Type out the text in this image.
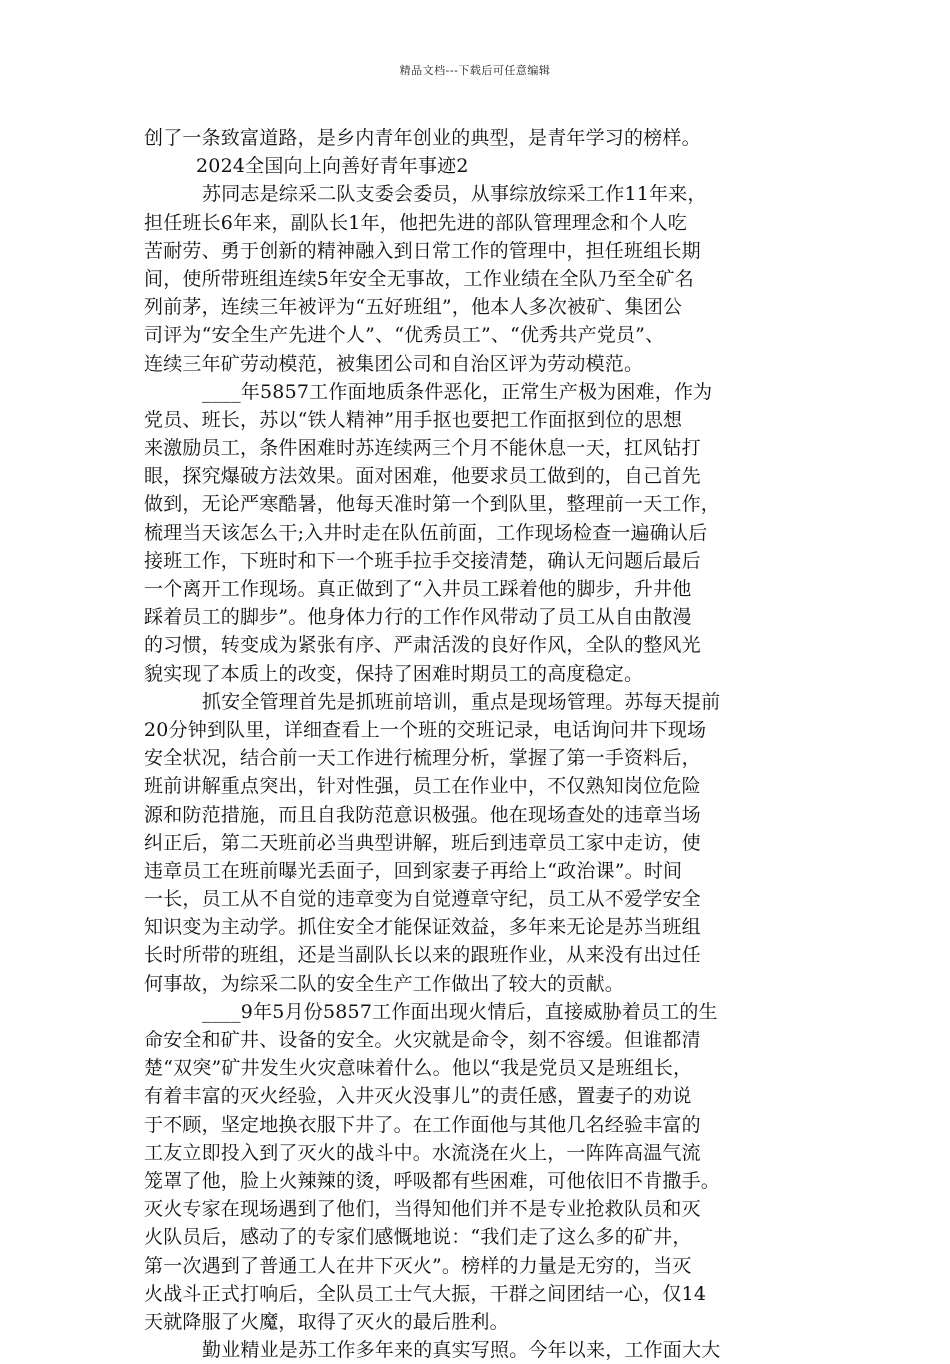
精品文档---下载后可任意编辑
创了一条致富道路，是乡内青年创业的典型，是青年学习的榜样。
2024全国向上向善好青年事迹2
苏同志是综采二队支委会委员，从事综放综采工作11年来，
担任班长6年来，副队长1年，他把先进的部队管理理念和个人吃
苦耐劳、勇于创新的精神融入到日常工作的管理中，担任班组长期
间，使所带班组连续5年安全无事故，工作业绩在全队乃至全矿名
列前茅，连续三年被评为“五好班组”，他本人多次被矿、集团公
司评为“安全生产先进个人”、“优秀员工”、“优秀共产党员”、
连续三年矿劳动模范，被集团公司和自治区评为劳动模范。
____年5857工作面地质条件恶化，正常生产极为困难，作为
党员、班长，苏以“铁人精神”用手抠也要把工作面抠到位的思想
来激励员工，条件困难时苏连续两三个月不能休息一天，扛风钻打
眼，探究爆破方法效果。面对困难，他要求员工做到的，自己首先
做到，无论严寒酷暑，他每天准时第一个到队里，整理前一天工作，
梳理当天该怎么干;入井时走在队伍前面，工作现场检查一遍确认后
接班工作，下班时和下一个班手拉手交接清楚，确认无问题后最后
一个离开工作现场。真正做到了“入井员工踩着他的脚步，升井他
踩着员工的脚步”。他身体力行的工作作风带动了员工从自由散漫
的习惯，转变成为紧张有序、严肃活泼的良好作风，全队的整风光
貌实现了本质上的改变，保持了困难时期员工的高度稳定。
抓安全管理首先是抓班前培训，重点是现场管理。苏每天提前
20分钟到队里，详细查看上一个班的交班记录，电话询问井下现场
安全状况，结合前一天工作进行梳理分析，掌握了第一手资料后，
班前讲解重点突出，针对性强，员工在作业中，不仅熟知岗位危险
源和防范措施，而且自我防范意识极强。他在现场查处的违章当场
纠正后，第二天班前必当典型讲解，班后到违章员工家中走访，使
违章员工在班前曝光丢面子，回到家妻子再给上“政治课”。时间
一长，员工从不自觉的违章变为自觉遵章守纪，员工从不爱学安全
知识变为主动学。抓住安全才能保证效益，多年来无论是苏当班组
长时所带的班组，还是当副队长以来的跟班作业，从来没有出过任
何事故，为综采二队的安全生产工作做出了较大的贡献。
____9年5月份5857工作面出现火情后，直接威胁着员工的生
命安全和矿井、设备的安全。火灾就是命令，刻不容缓。但谁都清
楚“双突”矿井发生火灾意味着什么。他以“我是党员又是班组长，
有着丰富的灭火经验，入井灭火没事儿”的责任感，置妻子的劝说
于不顾，坚定地换衣服下井了。在工作面他与其他几名经验丰富的
工友立即投入到了灭火的战斗中。水流浇在火上，一阵阵高温气流
笼罩了他，脸上火辣辣的烫，呼吸都有些困难，可他依旧不肯撒手。
灭火专家在现场遇到了他们，当得知他们并不是专业抢救队员和灭
火队员后，感动了的专家们感慨地说：“我们走了这么多的矿井，
第一次遇到了普通工人在井下灭火”。榜样的力量是无穷的，当灭
火战斗正式打响后，全队员工士气大振，干群之间团结一心，仅14
天就降服了火魔，取得了灭火的最后胜利。
勤业精业是苏工作多年来的真实写照。今年以来，工作面大大
